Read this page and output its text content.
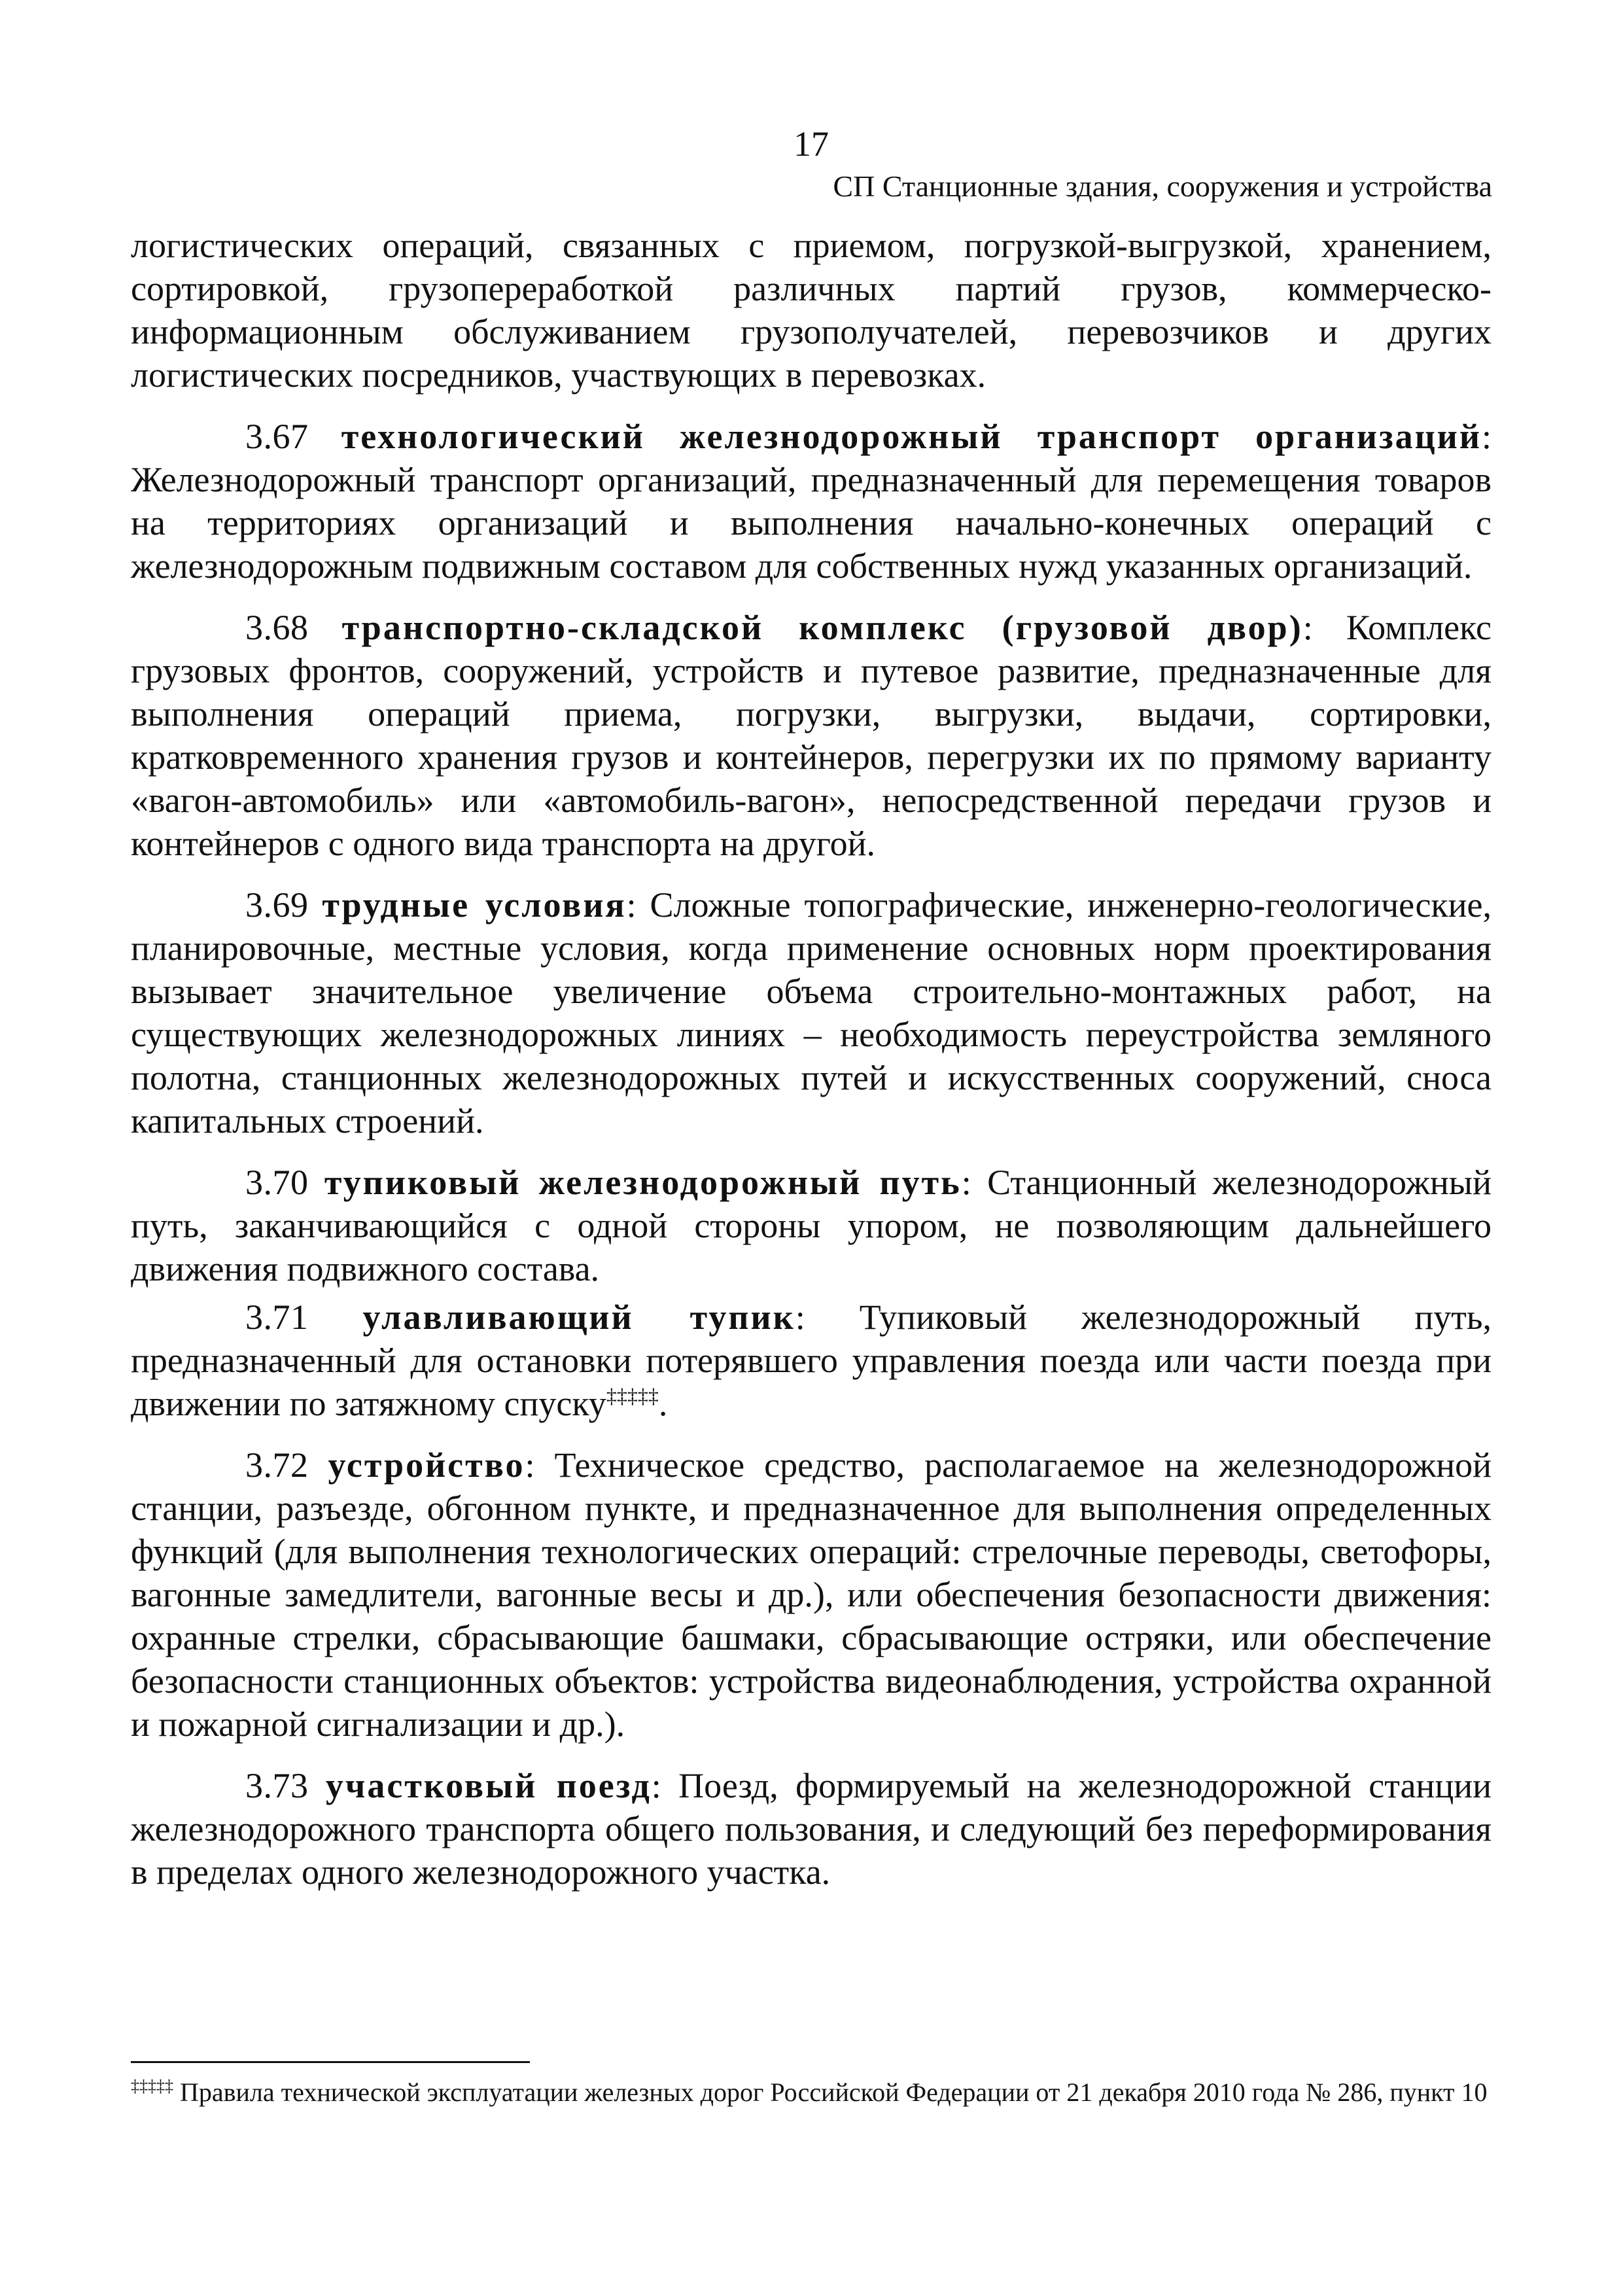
17
СП Станционные здания, сооружения и устройства

логистических операций, связанных с приемом, погрузкой-выгрузкой, хранением, сортировкой, грузопереработкой различных партий грузов, коммерческо-информационным обслуживанием грузополучателей, перевозчиков и других логистических посредников, участвующих в перевозках.

3.67 технологический железнодорожный транспорт организаций: Железнодорожный транспорт организаций, предназначенный для перемещения товаров на территориях организаций и выполнения начально-конечных операций с железнодорожным подвижным составом для собственных нужд указанных организаций.

3.68 транспортно-складской комплекс (грузовой двор): Комплекс грузовых фронтов, сооружений, устройств и путевое развитие, предназначенные для выполнения операций приема, погрузки, выгрузки, выдачи, сортировки, кратковременного хранения грузов и контейнеров, перегрузки их по прямому варианту «вагон-автомобиль» или «автомобиль-вагон», непосредственной передачи грузов и контейнеров с одного вида транспорта на другой.

3.69 трудные условия: Сложные топографические, инженерно-геологические, планировочные, местные условия, когда применение основных норм проектирования вызывает значительное увеличение объема строительно-монтажных работ, на существующих железнодорожных линиях – необходимость переустройства земляного полотна, станционных железнодорожных путей и искусственных сооружений, сноса капитальных строений.

3.70 тупиковый железнодорожный путь: Станционный железнодорожный путь, заканчивающийся с одной стороны упором, не позволяющим дальнейшего движения подвижного состава.

3.71 улавливающий тупик: Тупиковый железнодорожный путь, предназначенный для остановки потерявшего управления поезда или части поезда при движении по затяжному спуску‡‡‡‡‡.

3.72 устройство: Техническое средство, располагаемое на железнодорожной станции, разъезде, обгонном пункте, и предназначенное для выполнения определенных функций (для выполнения технологических операций: стрелочные переводы, светофоры, вагонные замедлители, вагонные весы и др.), или обеспечения безопасности движения: охранные стрелки, сбрасывающие башмаки, сбрасывающие остряки, или обеспечение безопасности станционных объектов: устройства видеонаблюдения, устройства охранной и пожарной сигнализации и др.).

3.73 участковый поезд: Поезд, формируемый на железнодорожной станции железнодорожного транспорта общего пользования, и следующий без переформирования в пределах одного железнодорожного участка.

‡‡‡‡‡ Правила технической эксплуатации железных дорог Российской Федерации от 21 декабря 2010 года № 286, пункт 10
